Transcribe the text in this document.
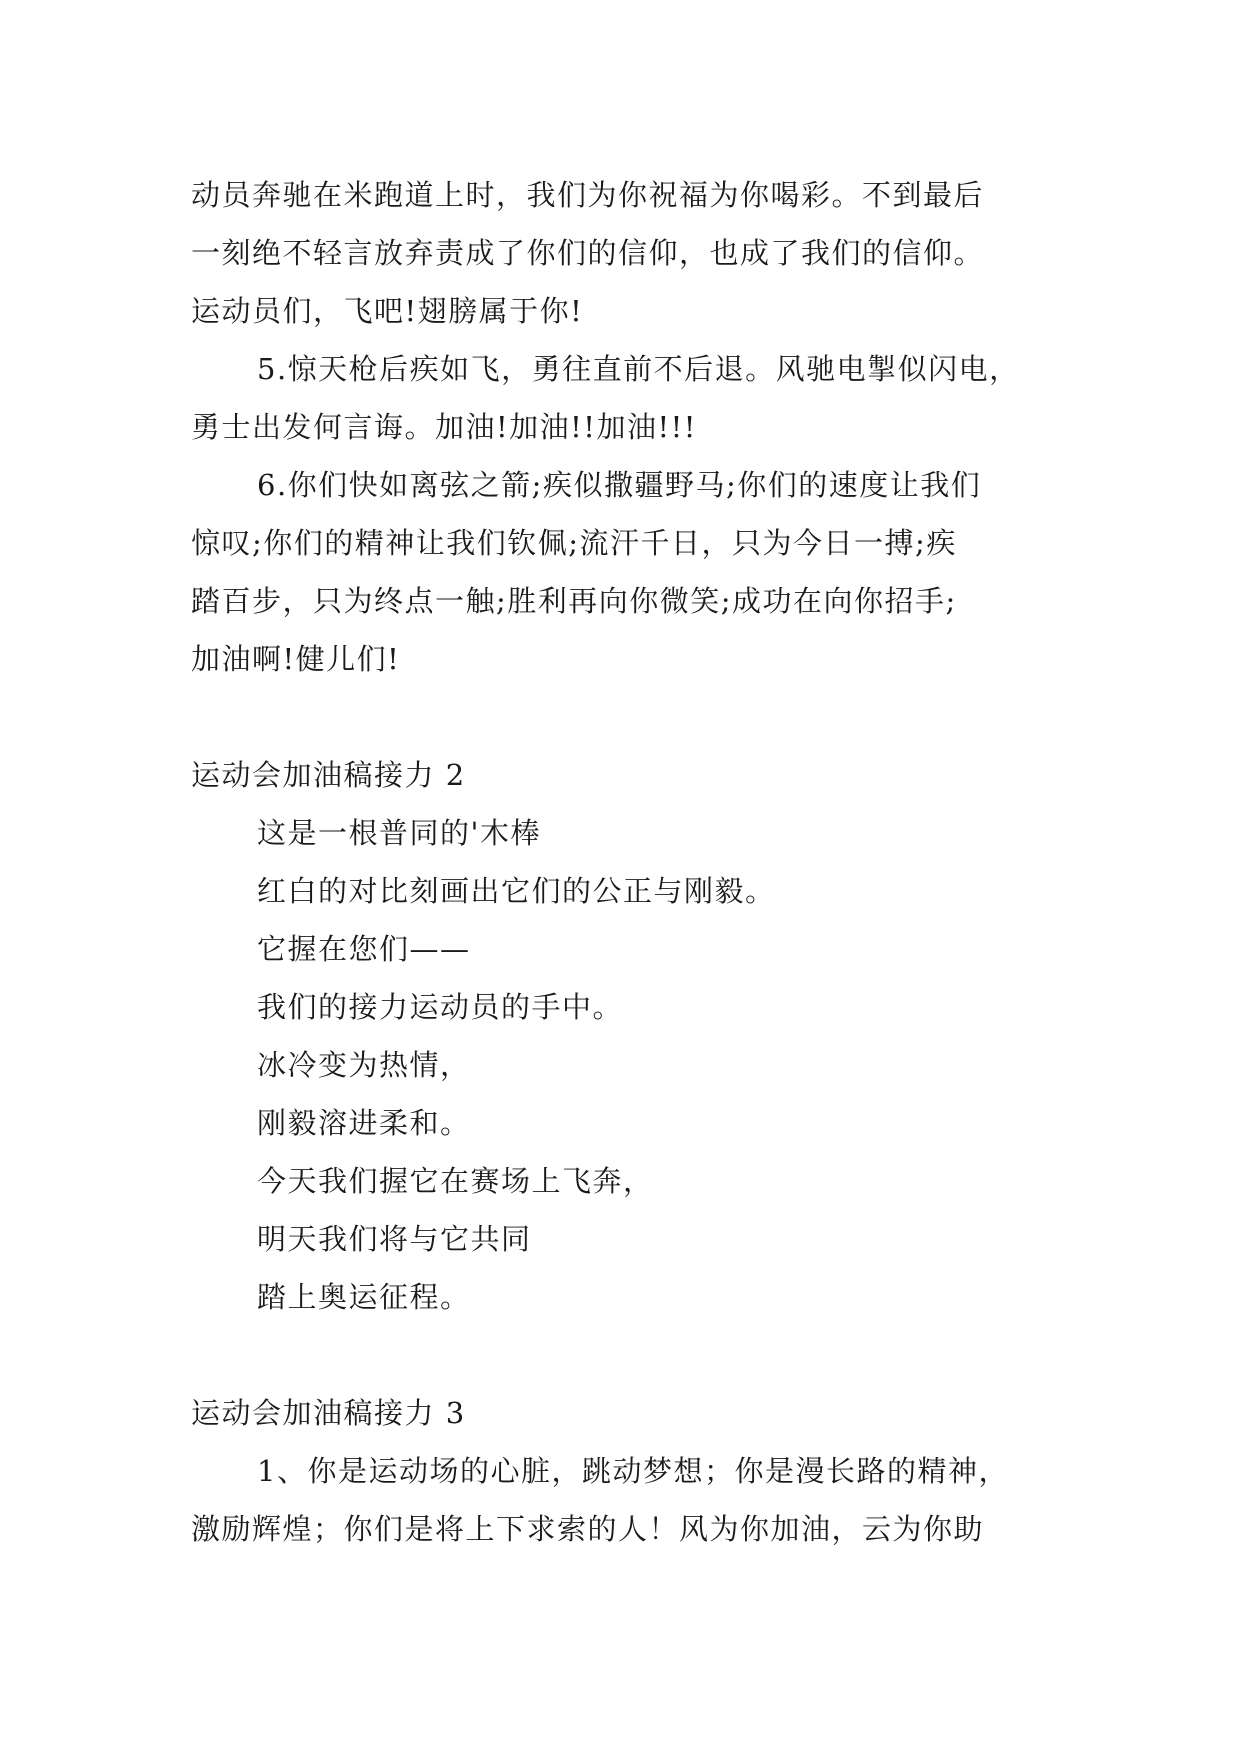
动员奔驰在米跑道上时，我们为你祝福为你喝彩。不到最后
一刻绝不轻言放弃责成了你们的信仰，也成了我们的信仰。
运动员们，飞吧!翅膀属于你!
5.惊天枪后疾如飞，勇往直前不后退。风驰电掣似闪电，
勇士出发何言诲。加油!加油!!加油!!!
6.你们快如离弦之箭;疾似撒疆野马;你们的速度让我们
惊叹;你们的精神让我们钦佩;流汗千日，只为今日一搏;疾
踏百步，只为终点一触;胜利再向你微笑;成功在向你招手;
加油啊!健儿们!
运动会加油稿接力 2
这是一根普同的'木棒
红白的对比刻画出它们的公正与刚毅。
它握在您们——
我们的接力运动员的手中。
冰冷变为热情，
刚毅溶进柔和。
今天我们握它在赛场上飞奔，
明天我们将与它共同
踏上奥运征程。
运动会加油稿接力 3
1、你是运动场的心脏，跳动梦想；你是漫长路的精神，
激励辉煌；你们是将上下求索的人！风为你加油，云为你助
